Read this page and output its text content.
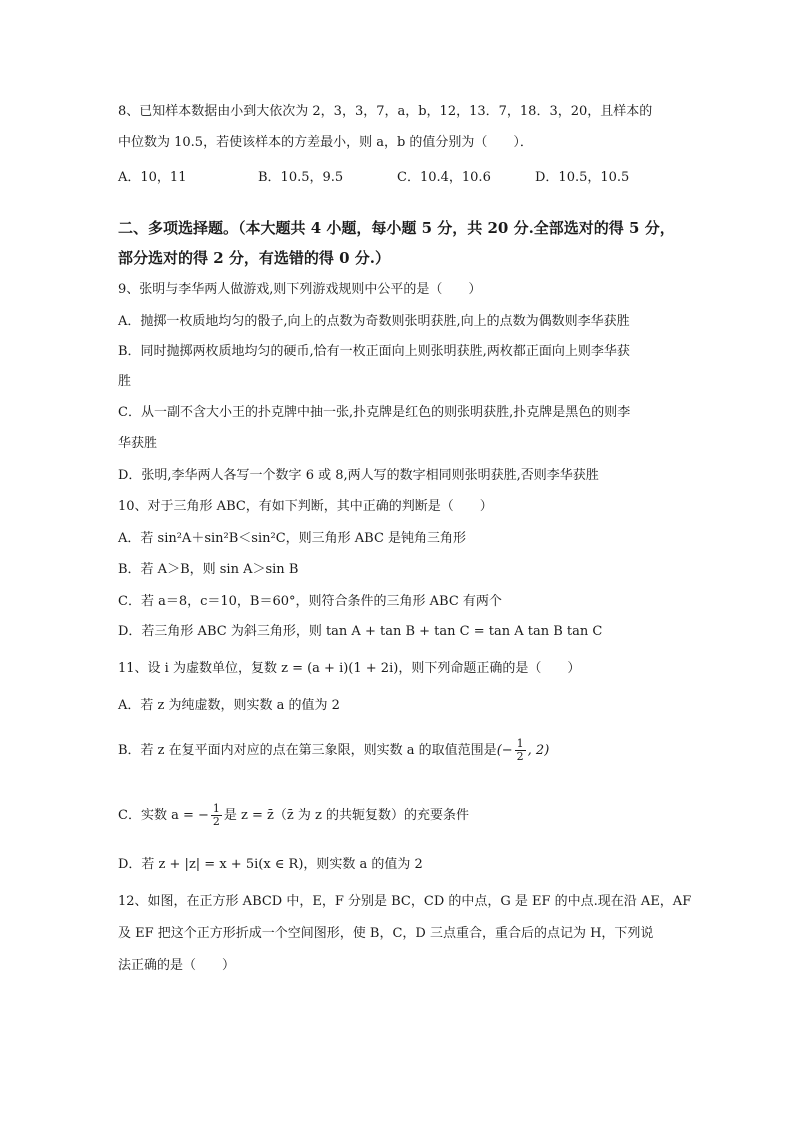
8、已知样本数据由小到大依次为 2，3，3，7，a，b，12，13．7，18．3，20，且样本的
中位数为 10.5，若使该样本的方差最小，则 a，b 的值分别为（　　）．
A．10，11	B．10.5，9.5	C．10.4，10.6	D．10.5，10.5
二、多项选择题。（本大题共 4 小题，每小题 5 分，共 20 分.全部选对的得 5 分，
部分选对的得 2 分，有选错的得 0 分.）
9、张明与李华两人做游戏,则下列游戏规则中公平的是（　　）
A．抛掷一枚质地均匀的骰子,向上的点数为奇数则张明获胜,向上的点数为偶数则李华获胜
B．同时抛掷两枚质地均匀的硬币,恰有一枚正面向上则张明获胜,两枚都正面向上则李华获
胜
C．从一副不含大小王的扑克牌中抽一张,扑克牌是红色的则张明获胜,扑克牌是黑色的则李
华获胜
D．张明,李华两人各写一个数字 6 或 8,两人写的数字相同则张明获胜,否则李华获胜
10、对于三角形 ABC，有如下判断，其中正确的判断是（　　）
A．若 sin²A＋sin²B＜sin²C，则三角形 ABC 是钝角三角形
B．若 A＞B，则 sin A＞sin B
C．若 a＝8，c＝10，B＝60°，则符合条件的三角形 ABC 有两个
D．若三角形 ABC 为斜三角形，则 tan A + tan B + tan C = tan A tan B tan C
11、设 i 为虚数单位，复数 z = (a + i)(1 + 2i)，则下列命题正确的是（　　）
A．若 z 为纯虚数，则实数 a 的值为 2
B．若 z 在复平面内对应的点在第三象限，则实数 a 的取值范围是(− $\frac{1}{2}$ , 2)
C．实数 a = − $\frac{1}{2}$ 是 z = z̄（z̄ 为 z 的共轭复数）的充要条件
D．若 z + |z| = x + 5i(x ∈ R)，则实数 a 的值为 2
12、如图，在正方形 ABCD 中，E，F 分别是 BC，CD 的中点，G 是 EF 的中点.现在沿 AE，AF
及 EF 把这个正方形折成一个空间图形，使 B，C，D 三点重合，重合后的点记为 H，下列说
法正确的是（　　）
